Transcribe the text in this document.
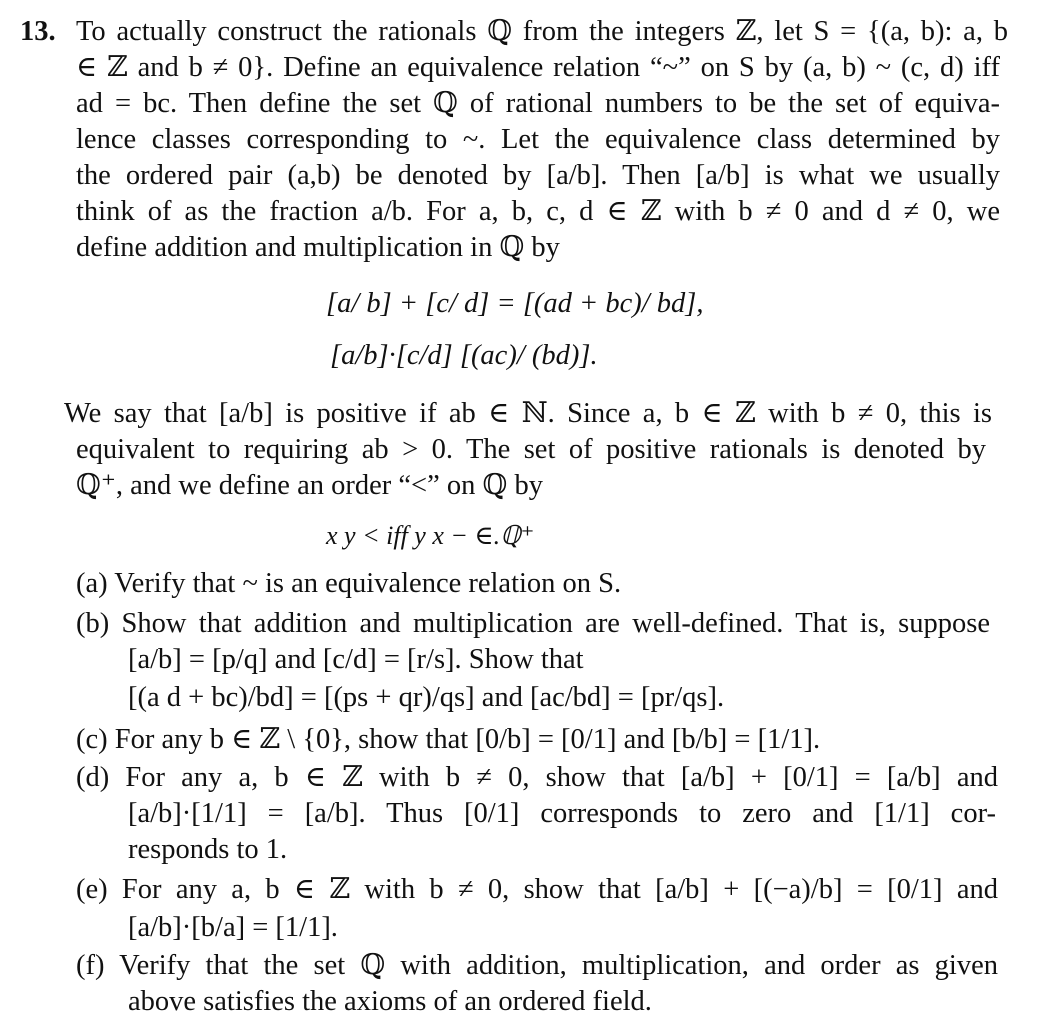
13. To actually construct the rationals ℚ from the integers ℤ, let S = {(a, b): a, b
∈ ℤ and b ≠ 0}. Define an equivalence relation “~” on S by (a, b) ~ (c, d) iff
ad = bc. Then define the set ℚ of rational numbers to be the set of equiva-
lence classes corresponding to ~. Let the equivalence class determined by
the ordered pair (a,b) be denoted by [a/b]. Then [a/b] is what we usually
think of as the fraction a/b. For a, b, c, d ∈ ℤ with b ≠ 0 and d ≠ 0, we
define addition and multiplication in ℚ by
[a/ b] + [c/ d] = [(ad + bc)/ bd],
[a/b]·[c/d] [(ac)/ (bd)].
We say that [a/b] is positive if ab ∈ ℕ. Since a, b ∈ ℤ with b ≠ 0, this is
equivalent to requiring ab > 0. The set of positive rationals is denoted by
ℚ⁺, and we define an order “<” on ℚ by
x y < iff y x − ∈.ℚ⁺
(a) Verify that ~ is an equivalence relation on S.
(b) Show that addition and multiplication are well-defined. That is, suppose
[a/b] = [p/q] and [c/d] = [r/s]. Show that
[(a d + bc)/bd] = [(ps + qr)/qs] and [ac/bd] = [pr/qs].
(c) For any b ∈ ℤ \ {0}, show that [0/b] = [0/1] and [b/b] = [1/1].
(d) For any a, b ∈ ℤ with b ≠ 0, show that [a/b] + [0/1] = [a/b] and
[a/b]·[1/1] = [a/b]. Thus [0/1] corresponds to zero and [1/1] cor-
responds to 1.
(e) For any a, b ∈ ℤ with b ≠ 0, show that [a/b] + [(−a)/b] = [0/1] and
[a/b]·[b/a] = [1/1].
(f) Verify that the set ℚ with addition, multiplication, and order as given
above satisfies the axioms of an ordered field.
